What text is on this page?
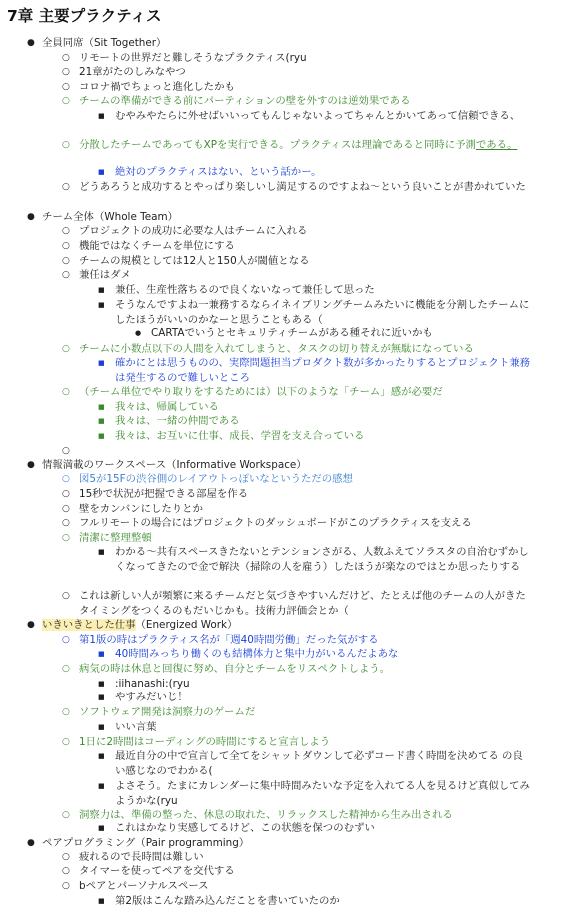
7章 主要プラクティス
● 全員同席（Sit Together）
○ リモートの世界だと難しそうなプラクティス(ryu
○ 21章がたのしみなやつ
○ コロナ禍でちょっと進化したかも
○ チームの準備ができる前にパーティションの壁を外すのは逆効果である
■ むやみやたらに外せばいいってもんじゃないよってちゃんとかいてあって信頼できる、
○ 分散したチームであってもXPを実行できる。プラクティスは理論であると同時に予測である。
■ 絶対のプラクティスはない、という話かー。
○ どうあろうと成功するとやっぱり楽しいし満足するのですよね〜という良いことが書かれていた
● チーム全体（Whole Team）
○ プロジェクトの成功に必要な人はチームに入れる
○ 機能ではなくチームを単位にする
○ チームの規模としては12人と150人が閾値となる
○ 兼任はダメ
■ 兼任、生産性落ちるので良くないなって兼任して思った
■ そうなんですよね一兼務するならイネイブリングチームみたいに機能を分割したチームにしたほうがいいのかなーと思うこともある（
● CARTAでいうとセキュリティチームがある種それに近いかも
○ チームに小数点以下の人間を入れてしまうと、タスクの切り替えが無駄になっている
■ 確かにとは思うものの、実際問題担当プロダクト数が多かったりするとプロジェクト兼務は発生するので難しいところ
○ （チーム単位でやり取りをするためには）以下のような「チーム」感が必要だ
■ 我々は、帰属している
■ 我々は、一緒の仲間である
■ 我々は、お互いに仕事、成長、学習を支え合っている
○
● 情報満載のワークスペース（Informative Workspace）
○ 図5が15Fの渋谷側のレイアウトっぽいなというただの感想
○ 15秒で状況が把握できる部屋を作る
○ 壁をカンバンにしたりとか
○ フルリモートの場合にはプロジェクトのダッシュボードがこのプラクティスを支える
○ 清潔に整理整頓
■ わかる〜共有スペースきたないとテンションさがる、人数ふえてソラスタの自治むずかしくなってきたので金で解決（掃除の人を雇う）したほうが楽なのではとか思ったりする
○ これは新しい人が頻繁に来るチームだと気づきやすいんだけど、たとえば他のチームの人がきたタイミングをつくるのもだいじかも。技術力評価会とか（
● いきいきとした仕事（Energized Work）
○ 第1版の時はプラクティス名が「週40時間労働」だった気がする
■ 40時間みっちり働くのも結構体力と集中力がいるんだよあな
○ 病気の時は休息と回復に努め、自分とチームをリスペクトしよう。
■ :iihanashi:(ryu
■ やすみだいじ！
○ ソフトウェア開発は洞察力のゲームだ
■ いい言葉
○ 1日に2時間はコーディングの時間にすると宣言しよう
■ 最近自分の中で宣言して全てをシャットダウンして必ずコード書く時間を決めてる の良い感じなのでわかる(
■ よさそう。たまにカレンダーに集中時間みたいな予定を入れてる人を見るけど真似してみようかな(ryu
○ 洞察力は、準備の整った、休息の取れた、リラックスした精神から生み出される
■ これはかなり実感してるけど、この状態を保つのむずい
● ペアプログラミング（Pair programming）
○ 疲れるので長時間は難しい
○ タイマーを使ってペアを交代する
○ bペアとパーソナルスペース
■ 第2版はこんな踏み込んだことを書いていたのか
